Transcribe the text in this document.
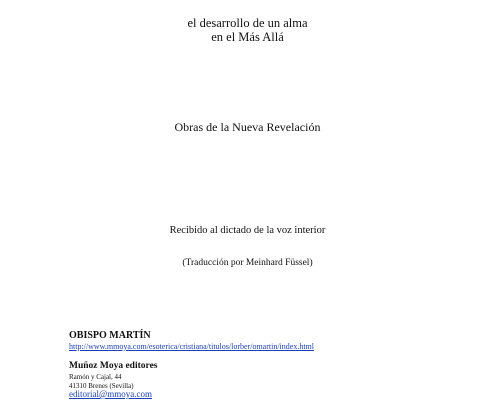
el desarrollo de un alma
en el Más Allá
Obras de la Nueva Revelación
Recibido al dictado de la voz interior
(Traducción por Meinhard Füssel)
OBISPO MARTÍN
http://www.mmoya.com/esoterica/cristiana/titulos/lorber/omartin/index.html
Muñoz Moya editores
Ramón y Cajal, 44
41310 Brenes (Sevilla)
editorial@mmoya.com
